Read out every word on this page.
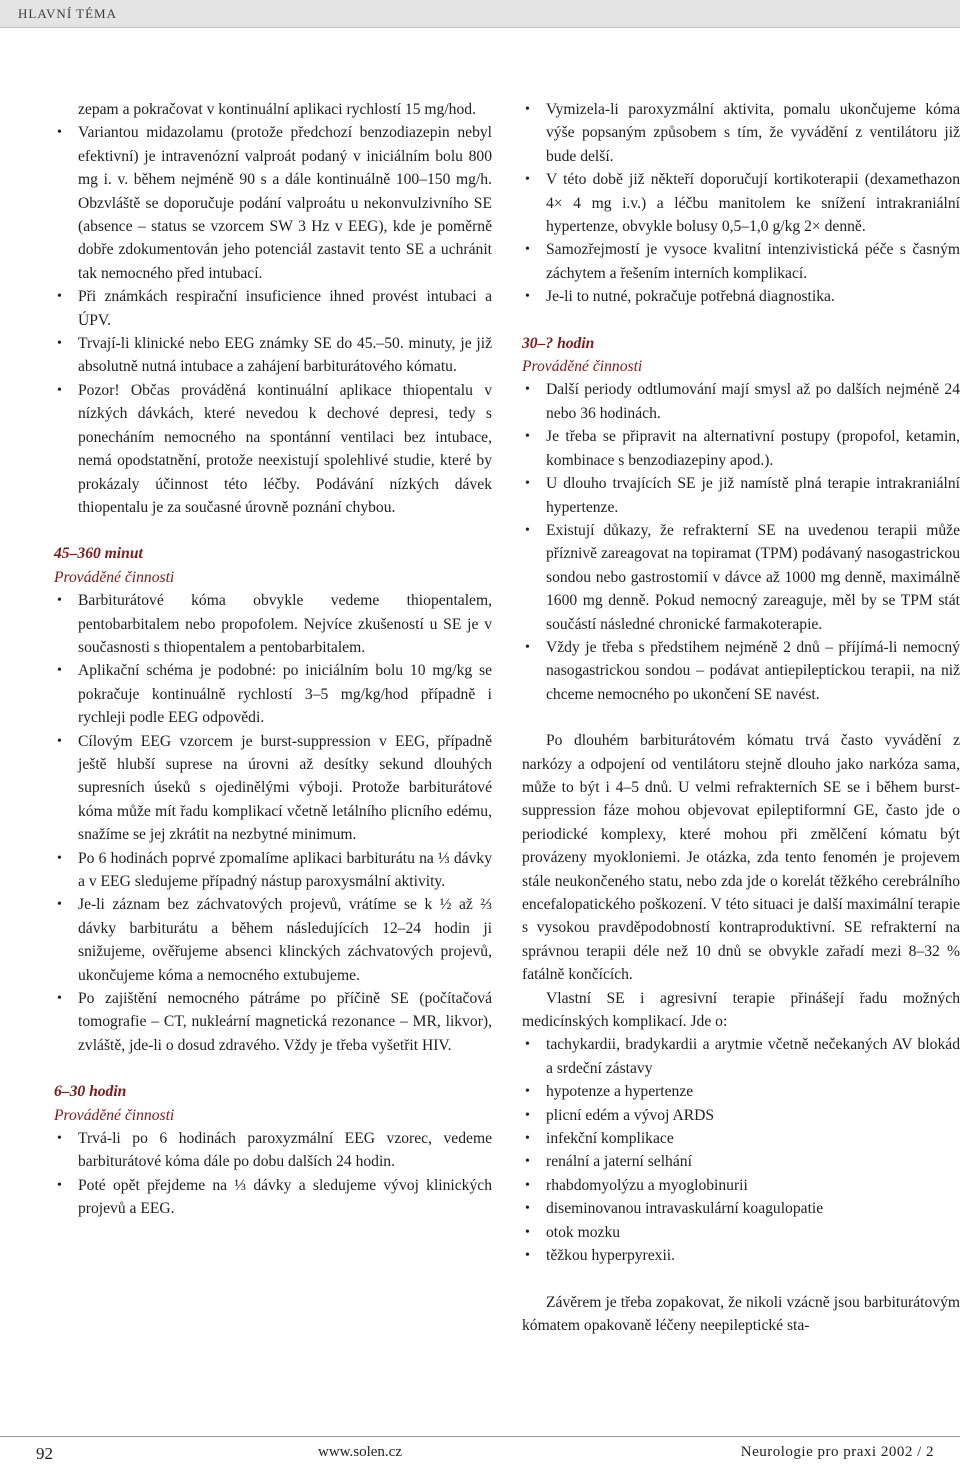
HLAVNÍ TÉMA
zepam a pokračovat v kontinuální aplikaci rychlostí 15 mg/hod.
• Variantou midazolamu (protože předchozí benzodiazepin nebyl efektivní) je intravenózní valproát podaný v iniciálním bolu 800 mg i. v. během nejméně 90 s a dále kontinuálně 100–150 mg/h. Obzvláště se doporučuje podání valproátu u nekonvulzivního SE (absence – status se vzorcem SW 3 Hz v EEG), kde je poměrně dobře zdokumentován jeho potenciál zastavit tento SE a uchránit tak nemocného před intubací.
• Při známkách respirační insuficience ihned provést intubaci a ÚPV.
• Trvají-li klinické nebo EEG známky SE do 45.–50. minuty, je již absolutně nutná intubace a zahájení barbiturátového kómatu.
• Pozor! Občas prováděná kontinuální aplikace thiopentalu v nízkých dávkách, které nevedou k dechové depresi, tedy s ponecháním nemocného na spontánní ventilaci bez intubace, nemá opodstatnění, protože neexistují spolehlivé studie, které by prokázaly účinnost této léčby. Podávání nízkých dávek thiopentalu je za současné úrovně poznání chybou.
45–360 minut
Prováděné činnosti
• Barbiturátové kóma obvykle vedeme thiopentalem, pentobarbitalem nebo propofolem. Nejvíce zkušeností u SE je v současnosti s thiopentalem a pentobarbitalem.
• Aplikační schéma je podobné: po iniciálním bolu 10 mg/kg se pokračuje kontinuálně rychlostí 3–5 mg/kg/hod případně i rychleji podle EEG odpovědi.
• Cílovým EEG vzorcem je burst-suppression v EEG, případně ještě hlubší suprese na úrovni až desítky sekund dlouhých supresních úseků s ojedinělými výboji. Protože barbiturátové kóma může mít řadu komplikací včetně letálního plicního edému, snažíme se jej zkrátit na nezbytné minimum.
• Po 6 hodinách poprvé zpomalíme aplikaci barbiturátu na ⅓ dávky a v EEG sledujeme případný nástup paroxysmální aktivity.
• Je-li záznam bez záchvatových projevů, vrátíme se k ½ až ⅔ dávky barbiturátu a během následujících 12–24 hodin ji snižujeme, ověřujeme absenci klinckých záchvatových projevů, ukončujeme kóma a nemocného extubujeme.
• Po zajištění nemocného pátráme po příčině SE (počítačová tomografie – CT, nukleární magnetická rezonance – MR, likvor), zvláště, jde-li o dosud zdravého. Vždy je třeba vyšetřit HIV.
6–30 hodin
Prováděné činnosti
• Trvá-li po 6 hodinách paroxyzmální EEG vzorec, vedeme barbiturátové kóma dále po dobu dalších 24 hodin.
• Poté opět přejdeme na ⅓ dávky a sledujeme vývoj klinických projevů a EEG.
• Vymizela-li paroxyzmální aktivita, pomalu ukončujeme kóma výše popsaným způsobem s tím, že vyvádění z ventilátoru již bude delší.
• V této době již někteří doporučují kortikoterapii (dexamethazon 4× 4 mg i.v.) a léčbu manitolem ke snížení intrakraniální hypertenze, obvykle bolusy 0,5–1,0 g/kg 2× denně.
• Samozřejmostí je vysoce kvalitní intenzivistická péče s časným záchytem a řešením interních komplikací.
• Je-li to nutné, pokračuje potřebná diagnostika.
30–? hodin
Prováděné činnosti
• Další periody odtlumování mají smysl až po dalších nejméně 24 nebo 36 hodinách.
• Je třeba se připravit na alternativní postupy (propofol, ketamin, kombinace s benzodiazepiny apod.).
• U dlouho trvajících SE je již namístě plná terapie intrakraniální hypertenze.
• Existují důkazy, že refrakterní SE na uvedenou terapii může příznivě zareagovat na topiramat (TPM) podávaný nasogastrickou sondou nebo gastrostomií v dávce až 1000 mg denně, maximálně 1600 mg denně. Pokud nemocný zareaguje, měl by se TPM stát součástí následné chronické farmakoterapie.
• Vždy je třeba s předstihem nejméně 2 dnů – příjímá-li nemocný nasogastrickou sondou – podávat antiepileptickou terapii, na niž chceme nemocného po ukončení SE navést.
Po dlouhém barbiturátovém kómatu trvá často vyvádění z narkózy a odpojení od ventilátoru stejně dlouho jako narkóza sama, může to být i 4–5 dnů. U velmi refrakterních SE se i během burst-suppression fáze mohou objevovat epileptiformní GE, často jde o periodické komplexy, které mohou při změlčení kómatu být provázeny myokloniemi. Je otázka, zda tento fenomén je projevem stále neukončeného statu, nebo zda jde o korelát těžkého cerebrálního encefalopatického poškození. V této situaci je další maximální terapie s vysokou pravděpodobností kontraproduktivní. SE refrakterní na správnou terapii déle než 10 dnů se obvykle zařadí mezi 8–32 % fatálně končících.
Vlastní SE i agresivní terapie přinášejí řadu možných medicínských komplikací. Jde o:
• tachykardii, bradykardii a arytmie včetně nečekaných AV blokád a srdeční zástavy
• hypotenze a hypertenze
• plicní edém a vývoj ARDS
• infekční komplikace
• renální a jaterní selhání
• rhabdomyolýzu a myoglobinurii
• diseminovanou intravaskulární koagulopatie
• otok mozku
• těžkou hyperpyrexii.
Závěrem je třeba zopakovat, že nikoli vzácně jsou barbiturátovým kómatem opakovaně léčeny neepileptické sta-
92	www.solen.cz	Neurologie pro praxi 2002 / 2
